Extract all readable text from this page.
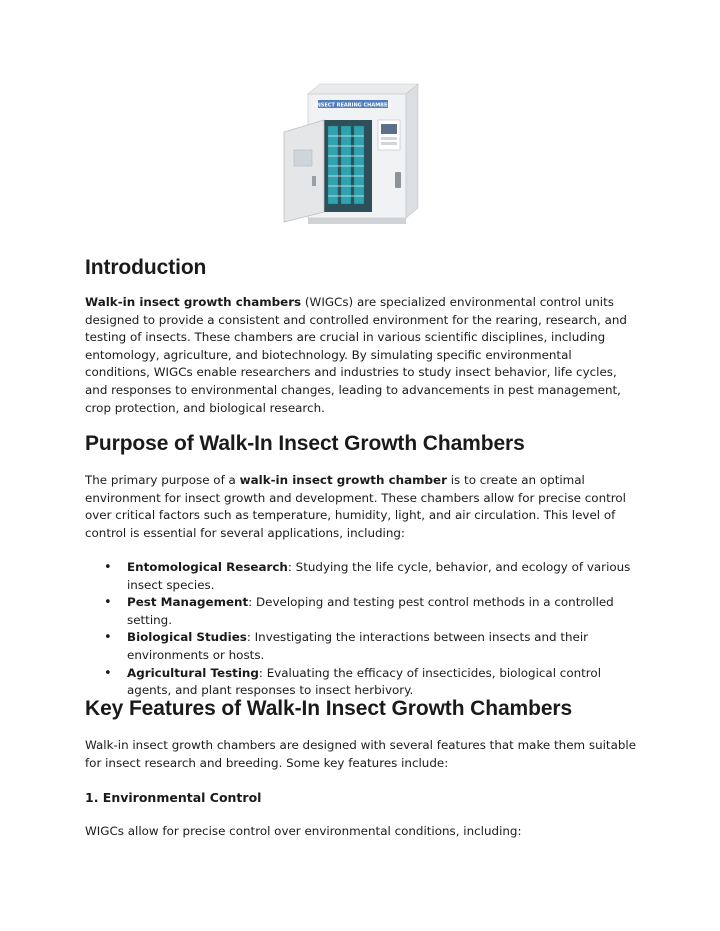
INSECT REARING CHAMBER
Introduction

Walk-in insect growth chambers (WIGCs) are specialized environmental control units designed to provide a consistent and controlled environment for the rearing, research, and testing of insects. These chambers are crucial in various scientific disciplines, including entomology, agriculture, and biotechnology. By simulating specific environmental conditions, WIGCs enable researchers and industries to study insect behavior, life cycles, and responses to environmental changes, leading to advancements in pest management, crop protection, and biological research.

Purpose of Walk-In Insect Growth Chambers

The primary purpose of a walk-in insect growth chamber is to create an optimal environment for insect growth and development. These chambers allow for precise control over critical factors such as temperature, humidity, light, and air circulation. This level of control is essential for several applications, including:

• Entomological Research: Studying the life cycle, behavior, and ecology of various insect species.
• Pest Management: Developing and testing pest control methods in a controlled setting.
• Biological Studies: Investigating the interactions between insects and their environments or hosts.
• Agricultural Testing: Evaluating the efficacy of insecticides, biological control agents, and plant responses to insect herbivory.
Key Features of Walk-In Insect Growth Chambers

Walk-in insect growth chambers are designed with several features that make them suitable for insect research and breeding. Some key features include:

1. Environmental Control

WIGCs allow for precise control over environmental conditions, including:
